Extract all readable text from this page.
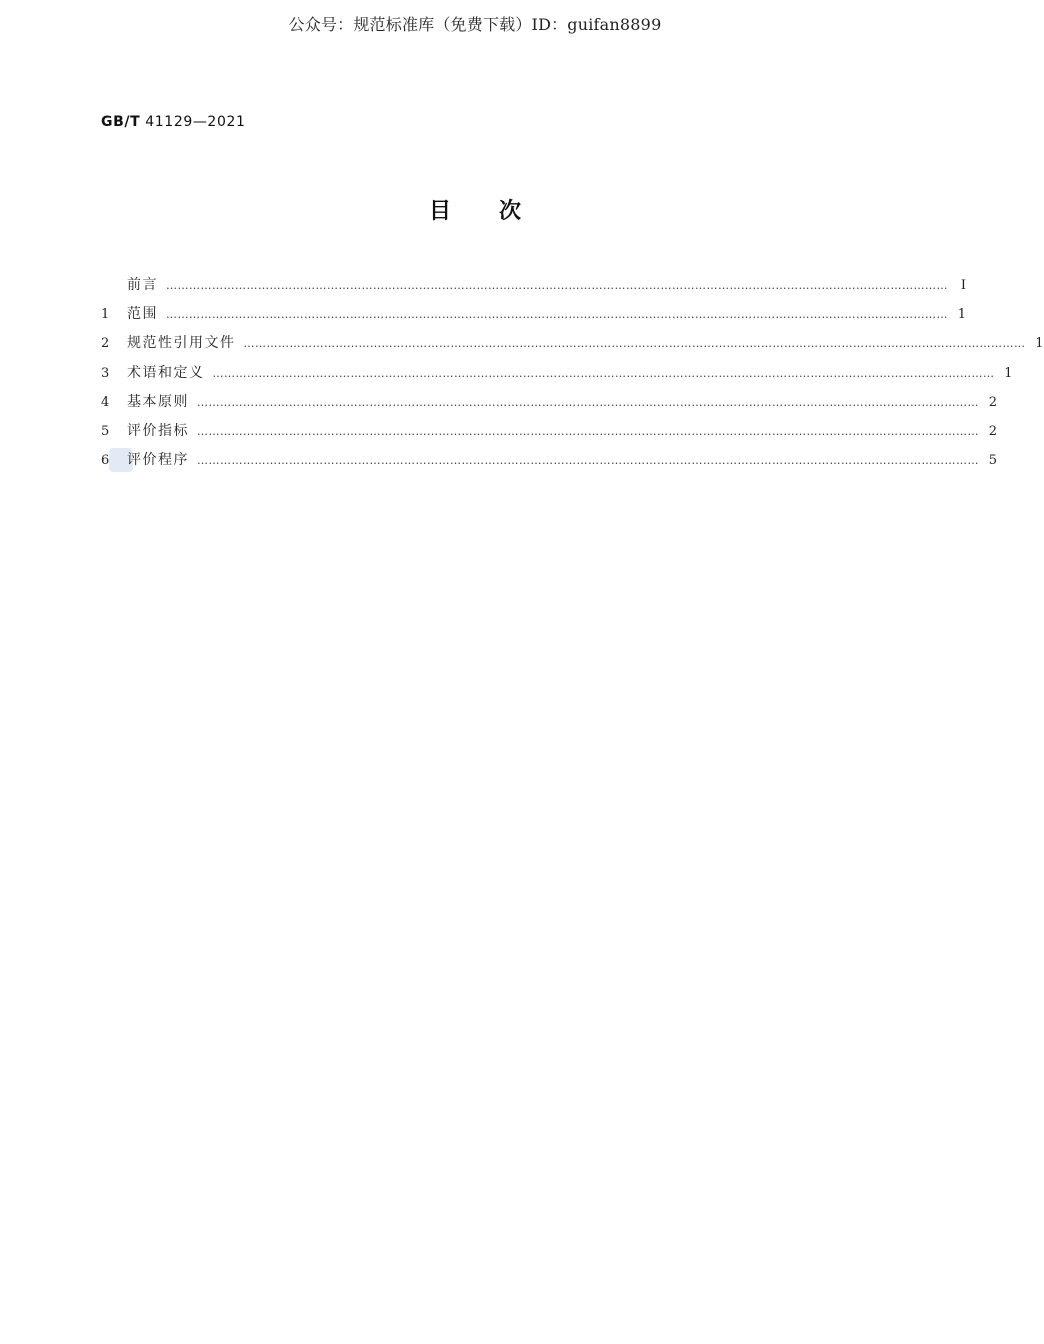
公众号：规范标准库（免费下载）ID：guifan8899
GB/T 41129—2021
目次
前言 …………………………………………………………………………………………………………………………………………………………………………………… Ⅰ
1	范围 …………………………………………………………………………………………………………………………………………………………………………………… 1
2	规范性引用文件 …………………………………………………………………………………………………………………………………………………………………………………… 1
3	术语和定义 …………………………………………………………………………………………………………………………………………………………………………………… 1
4	基本原则 …………………………………………………………………………………………………………………………………………………………………………………… 2
5	评价指标 …………………………………………………………………………………………………………………………………………………………………………………… 2
6	评价程序 …………………………………………………………………………………………………………………………………………………………………………………… 5
